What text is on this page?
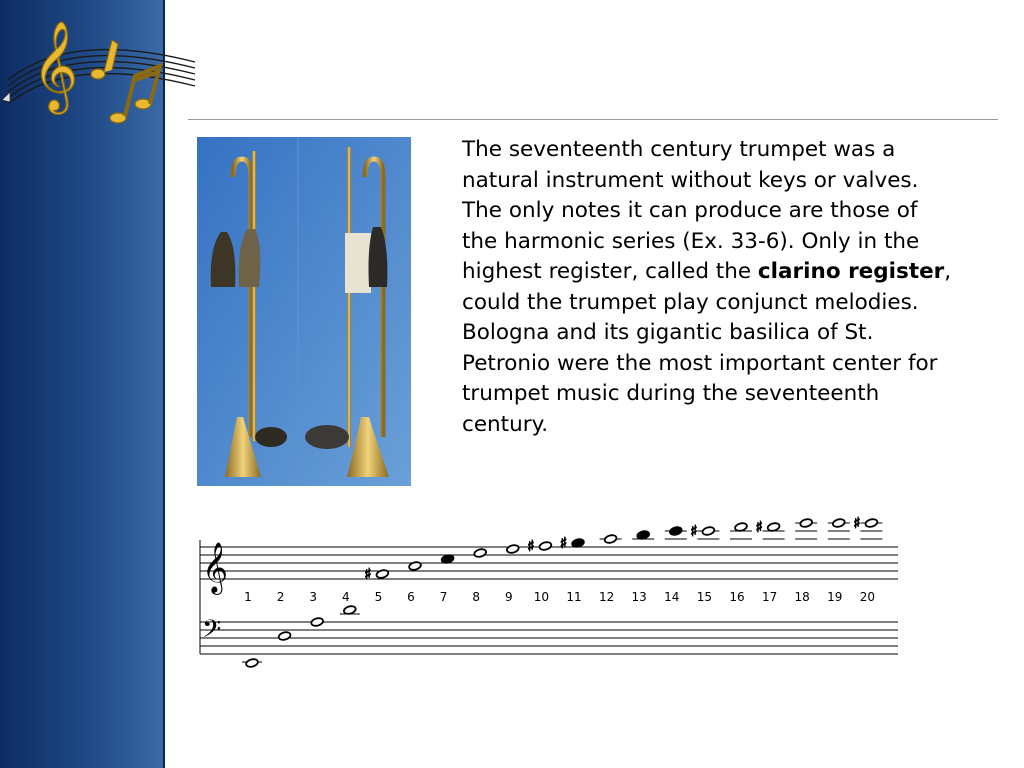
𝄞
The seventeenth century trumpet was a
natural instrument without keys or valves.
The only notes it can produce are those of
the harmonic series (Ex. 33-6). Only in the
highest register, called the clarino register,
could the trumpet play conjunct melodies.
Bologna and its gigantic basilica of St.
Petronio were the most important center for
trumpet music during the seventeenth
century.
𝄞
𝄢
1 2 3 4 5 6 7 8 9 10 11 12 13 14 15 16 17 18 19 20
♯
♯ ♯
♯	♯	♯
